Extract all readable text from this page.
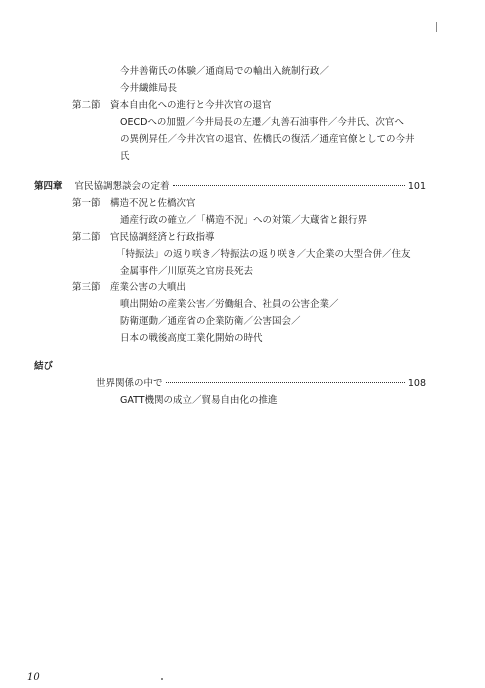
今井善衛氏の体験／通商局での輸出入統制行政／
今井繊維局長
第二節　資本自由化への進行と今井次官の退官
OECDへの加盟／今井局長の左遷／丸善石油事件／今井氏、次官へ
の異例昇任／今井次官の退官、佐橋氏の復活／通産官僚としての今井
氏
第四章 官民協調懇談会の定着	101
第一節　構造不況と佐橋次官
通産行政の確立／「構造不況」への対策／大蔵省と銀行界
第二節　官民協調経済と行政指導
「特振法」の返り咲き／特振法の返り咲き／大企業の大型合併／住友
金属事件／川原英之官房長死去
第三節　産業公害の大噴出
噴出開始の産業公害／労働組合、社員の公害企業／
防衛運動／通産省の企業防衛／公害国会／
日本の戦後高度工業化開始の時代
結び
世界関係の中で	108
GATT機関の成立／貿易自由化の推進
10
